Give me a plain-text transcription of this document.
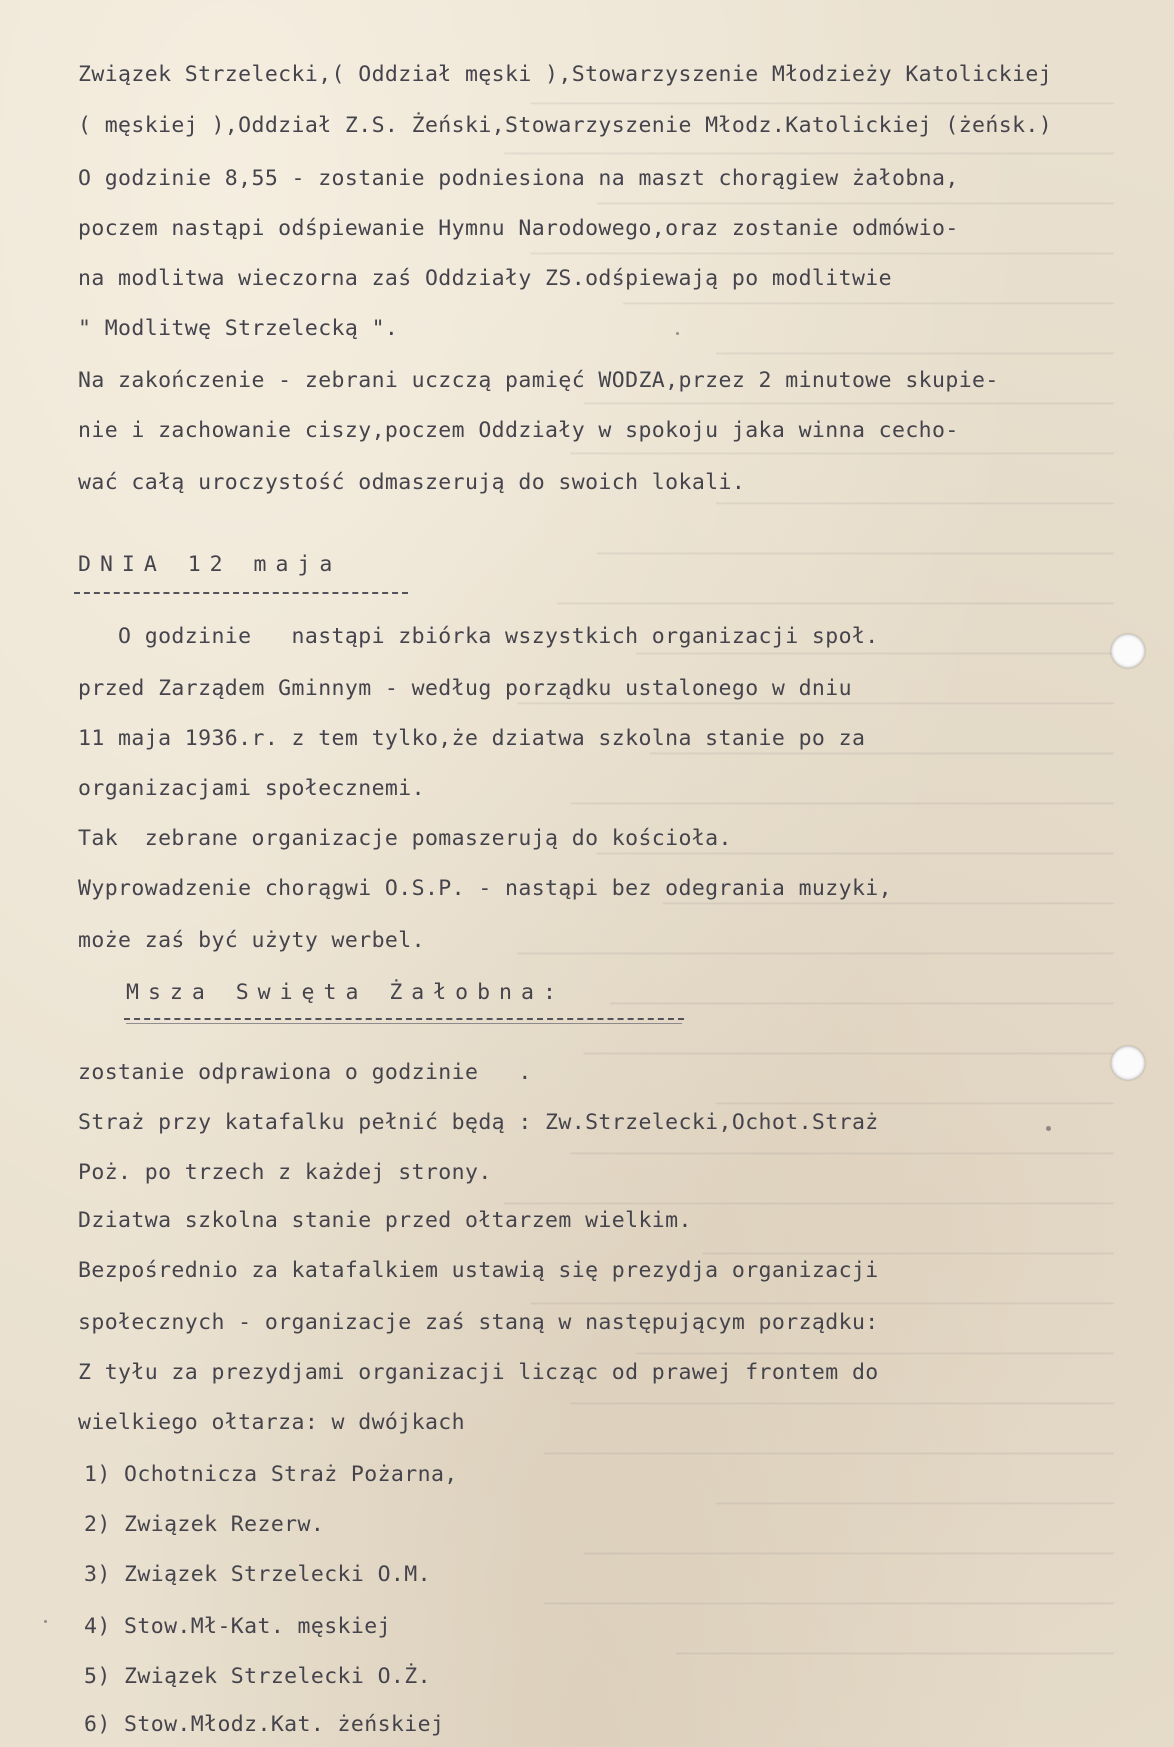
────────────────────────────────────────────
──────────────────────────────────────────────
───────────────────────────────────────
────────────────────────────────────────────
─────────────────────────────────────
──────────────────────────────
────────────────────────────────────────
─────────────────────────────────────────
──────────────────────────────
───────────────────────────────────────
──────────────────────────────────────────
────────────────────────────────────
─────────────────────────────────────────────
───────────────────────────────────
─────────────────────────────────────────
───────────────────────────────────────
──────────────────────────────────
─────────────────────────────────────────────
──────────────────────────────────────
────────────────────────────────────────
──────────────────────────────
─────────────────────────────────────────
──────────────────────────────────────────────
───────────────────────────────
────────────────────────────────────────────
────────────────────────────────────
─────────────────────────────────────────
───────────────────────────────────────────
──────────────────────────────
────────────────────────────────────────
───────────────────────────────────────────
─────────────────────────────────

Związek Strzelecki,( Oddział męski ),Stowarzyszenie Młodzieży Katolickiej
( męskiej ),Oddział Z.S. Żeński,Stowarzyszenie Młodz.Katolickiej (żeńsk.)
O godzinie 8,55 - zostanie podniesiona na maszt chorągiew żałobna,
poczem nastąpi odśpiewanie Hymnu Narodowego,oraz zostanie odmówio-
na modlitwa wieczorna zaś Oddziały ZS.odśpiewają po modlitwie
" Modlitwę Strzelecką ".
Na zakończenie - zebrani uczczą pamięć WODZA,przez 2 minutowe skupie-
nie i zachowanie ciszy,poczem Oddziały w spokoju jaka winna cecho-
wać całą uroczystość odmaszerują do swoich lokali.
DNIA 12 maja
O godzinie   nastąpi zbiórka wszystkich organizacji społ.
przed Zarządem Gminnym - według porządku ustalonego w dniu
11 maja 1936.r. z tem tylko,że dziatwa szkolna stanie po za
organizacjami społecznemi.
Tak  zebrane organizacje pomaszerują do kościoła.
Wyprowadzenie chorągwi O.S.P. - nastąpi bez odegrania muzyki,
może zaś być użyty werbel.
Msza Swięta Żałobna:
zostanie odprawiona o godzinie   .
Straż przy katafalku pełnić będą : Zw.Strzelecki,Ochot.Straż
Poż. po trzech z każdej strony.
Dziatwa szkolna stanie przed ołtarzem wielkim.
Bezpośrednio za katafalkiem ustawią się prezydja organizacji
społecznych - organizacje zaś staną w następującym porządku:
Z tyłu za prezydjami organizacji licząc od prawej frontem do
wielkiego ołtarza: w dwójkach
1) Ochotnicza Straż Pożarna,
2) Związek Rezerw.
3) Związek Strzelecki O.M.
4) Stow.Mł-Kat. męskiej
5) Związek Strzelecki O.Ż.
6) Stow.Młodz.Kat. żeńskiej
